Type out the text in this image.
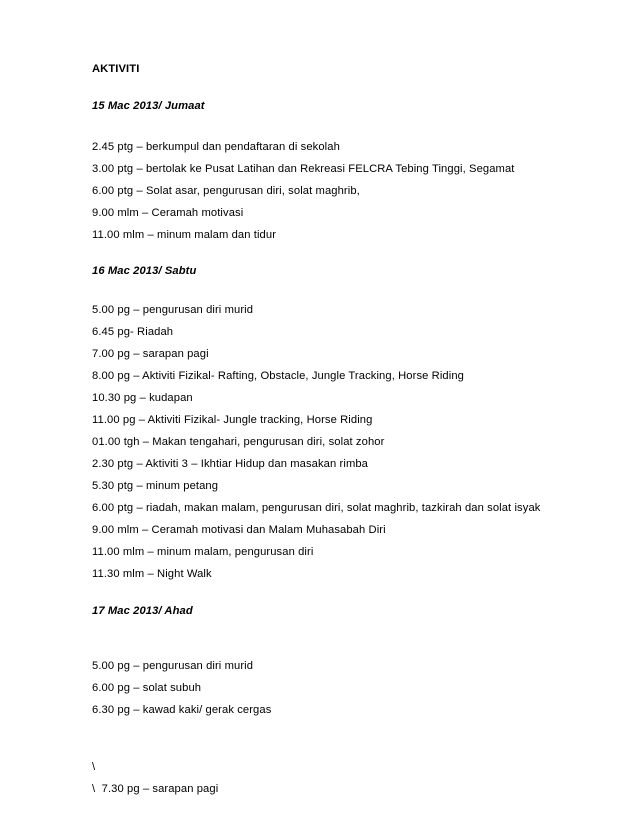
AKTIVITI
15 Mac 2013/ Jumaat
2.45 ptg – berkumpul dan pendaftaran di sekolah
3.00 ptg – bertolak ke Pusat Latihan dan Rekreasi FELCRA Tebing Tinggi, Segamat
6.00 ptg – Solat asar, pengurusan diri, solat maghrib,
9.00 mlm – Ceramah motivasi
11.00 mlm – minum malam dan tidur
16 Mac 2013/ Sabtu
5.00 pg – pengurusan diri murid
6.45 pg- Riadah
7.00 pg – sarapan pagi
8.00 pg – Aktiviti Fizikal- Rafting, Obstacle, Jungle Tracking, Horse Riding
10.30 pg – kudapan
11.00 pg – Aktiviti Fizikal- Jungle tracking, Horse Riding
01.00 tgh – Makan tengahari, pengurusan diri, solat zohor
2.30 ptg – Aktiviti 3 – Ikhtiar Hidup dan masakan rimba
5.30 ptg – minum petang
6.00 ptg – riadah, makan malam, pengurusan diri, solat maghrib, tazkirah dan solat isyak
9.00 mlm – Ceramah motivasi dan Malam Muhasabah Diri
11.00 mlm – minum malam, pengurusan diri
11.30 mlm – Night Walk
17 Mac 2013/ Ahad
5.00 pg – pengurusan diri murid
6.00 pg – solat subuh
6.30 pg – kawad kaki/ gerak cergas
\
\  7.30 pg – sarapan pagi
